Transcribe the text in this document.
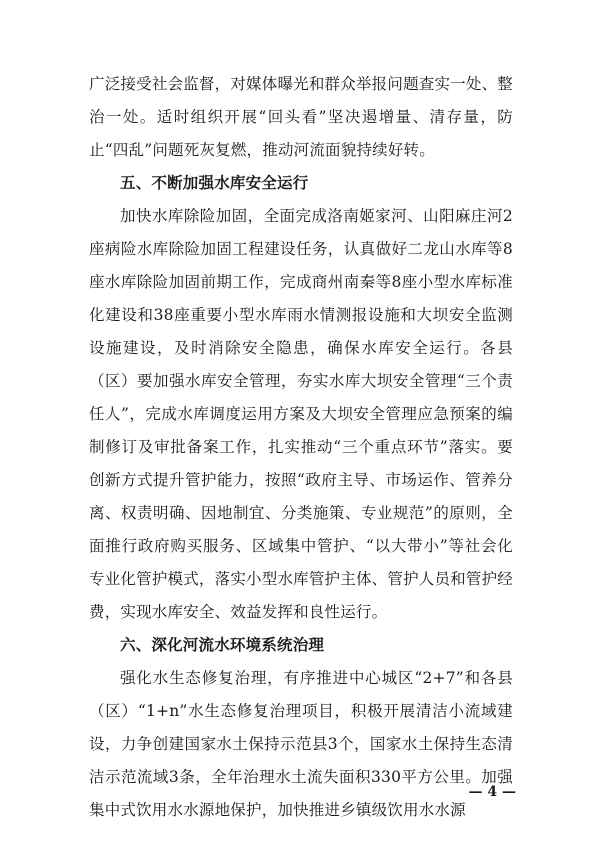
广泛接受社会监督，对媒体曝光和群众举报问题查实一处、整治一处。适时组织开展“回头看”坚决遏增量、清存量，防止“四乱”问题死灰复燃，推动河流面貌持续好转。

五、不断加强水库安全运行

加快水库除险加固，全面完成洛南姬家河、山阳麻庄河2座病险水库除险加固工程建设任务，认真做好二龙山水库等8座水库除险加固前期工作，完成商州南秦等8座小型水库标准化建设和38座重要小型水库雨水情测报设施和大坝安全监测设施建设，及时消除安全隐患，确保水库安全运行。各县（区）要加强水库安全管理，夯实水库大坝安全管理“三个责任人”，完成水库调度运用方案及大坝安全管理应急预案的编制修订及审批备案工作，扎实推动“三个重点环节”落实。要创新方式提升管护能力，按照“政府主导、市场运作、管养分离、权责明确、因地制宜、分类施策、专业规范”的原则，全面推行政府购买服务、区域集中管护、“以大带小”等社会化专业化管护模式，落实小型水库管护主体、管护人员和管护经费，实现水库安全、效益发挥和良性运行。

六、深化河流水环境系统治理

强化水生态修复治理，有序推进中心城区“2+7”和各县（区）“1+n”水生态修复治理项目，积极开展清洁小流域建设，力争创建国家水土保持示范县3个，国家水土保持生态清洁示范流域3条，全年治理水土流失面积330平方公里。加强集中式饮用水水源地保护，加快推进乡镇级饮用水水源

— 4 —
